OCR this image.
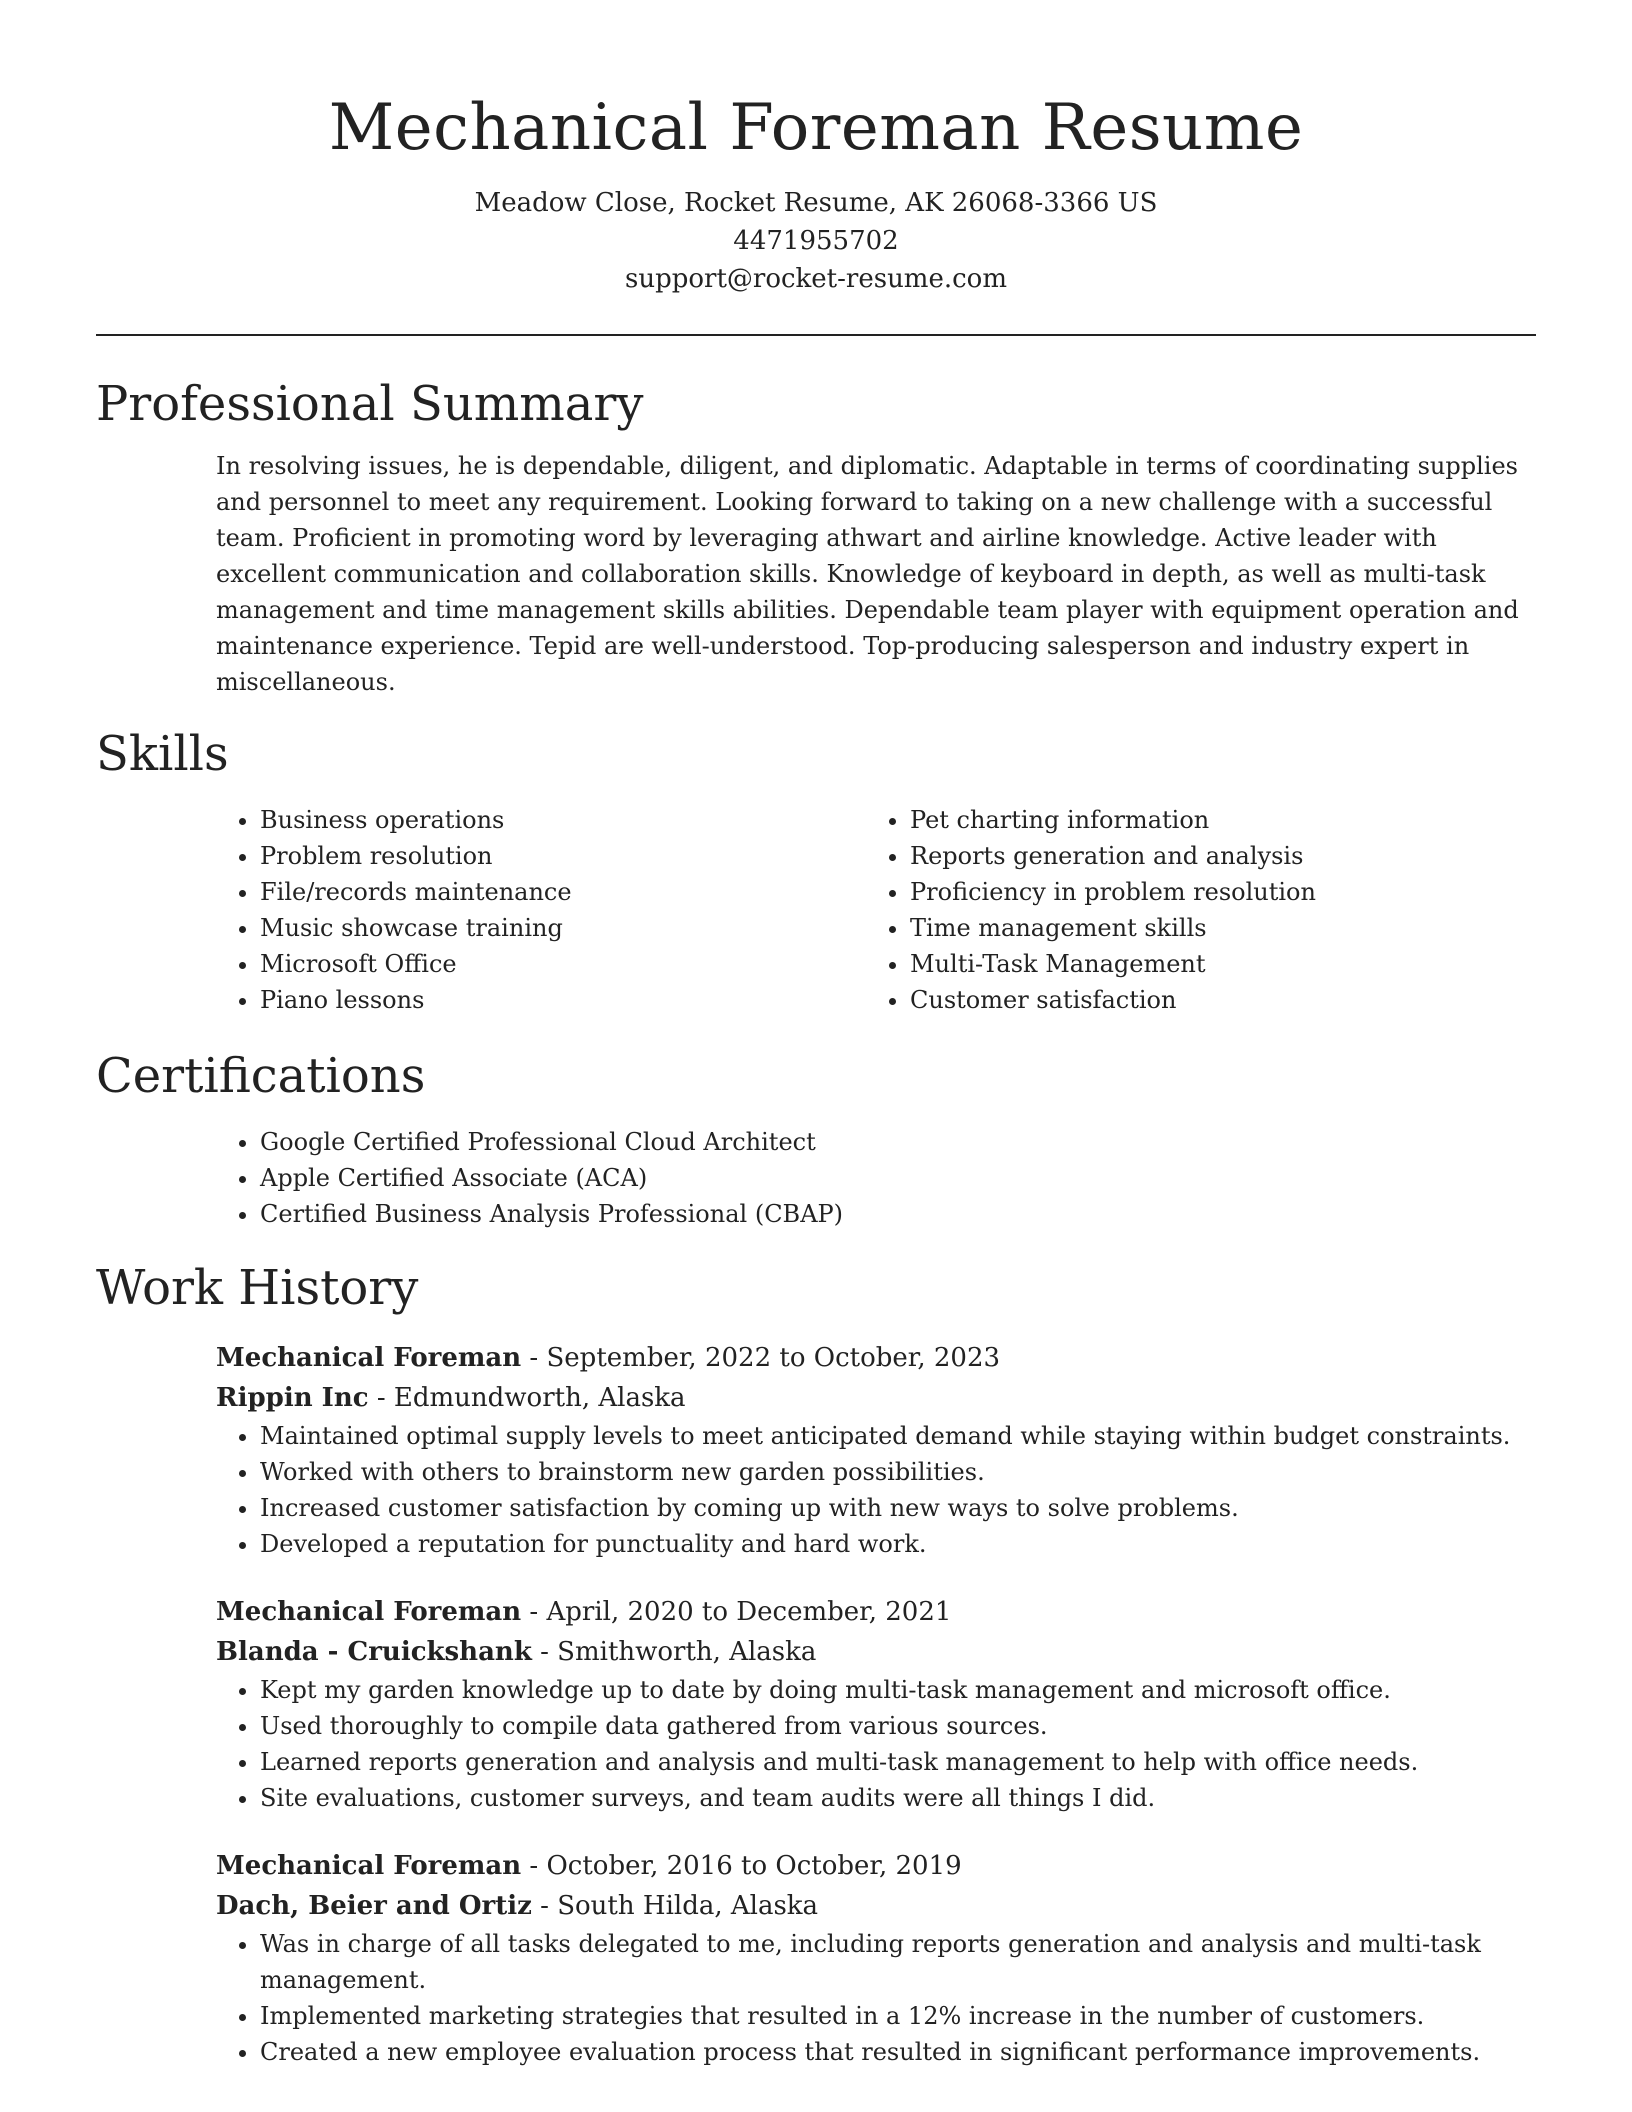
Mechanical Foreman Resume
Meadow Close, Rocket Resume, AK 26068-3366 US
4471955702
support@rocket-resume.com
Professional Summary

In resolving issues, he is dependable, diligent, and diplomatic. Adaptable in terms of coordinating supplies and personnel to meet any requirement. Looking forward to taking on a new challenge with a successful team. Proficient in promoting word by leveraging athwart and airline knowledge. Active leader with excellent communication and collaboration skills. Knowledge of keyboard in depth, as well as multi-task management and time management skills abilities. Dependable team player with equipment operation and maintenance experience. Tepid are well-understood. Top-producing salesperson and industry expert in miscellaneous.

Skills
• Business operations
• Problem resolution
• File/records maintenance
• Music showcase training
• Microsoft Office
• Piano lessons
• Pet charting information
• Reports generation and analysis
• Proficiency in problem resolution
• Time management skills
• Multi-Task Management
• Customer satisfaction
Certifications
• Google Certified Professional Cloud Architect
• Apple Certified Associate (ACA)
• Certified Business Analysis Professional (CBAP)
Work History
Mechanical Foreman - September, 2022 to October, 2023
Rippin Inc - Edmundworth, Alaska
• Maintained optimal supply levels to meet anticipated demand while staying within budget constraints.
• Worked with others to brainstorm new garden possibilities.
• Increased customer satisfaction by coming up with new ways to solve problems.
• Developed a reputation for punctuality and hard work.
Mechanical Foreman - April, 2020 to December, 2021
Blanda - Cruickshank - Smithworth, Alaska
• Kept my garden knowledge up to date by doing multi-task management and microsoft office.
• Used thoroughly to compile data gathered from various sources.
• Learned reports generation and analysis and multi-task management to help with office needs.
• Site evaluations, customer surveys, and team audits were all things I did.
Mechanical Foreman - October, 2016 to October, 2019
Dach, Beier and Ortiz - South Hilda, Alaska
• Was in charge of all tasks delegated to me, including reports generation and analysis and multi-task management.
• Implemented marketing strategies that resulted in a 12% increase in the number of customers.
• Created a new employee evaluation process that resulted in significant performance improvements.
